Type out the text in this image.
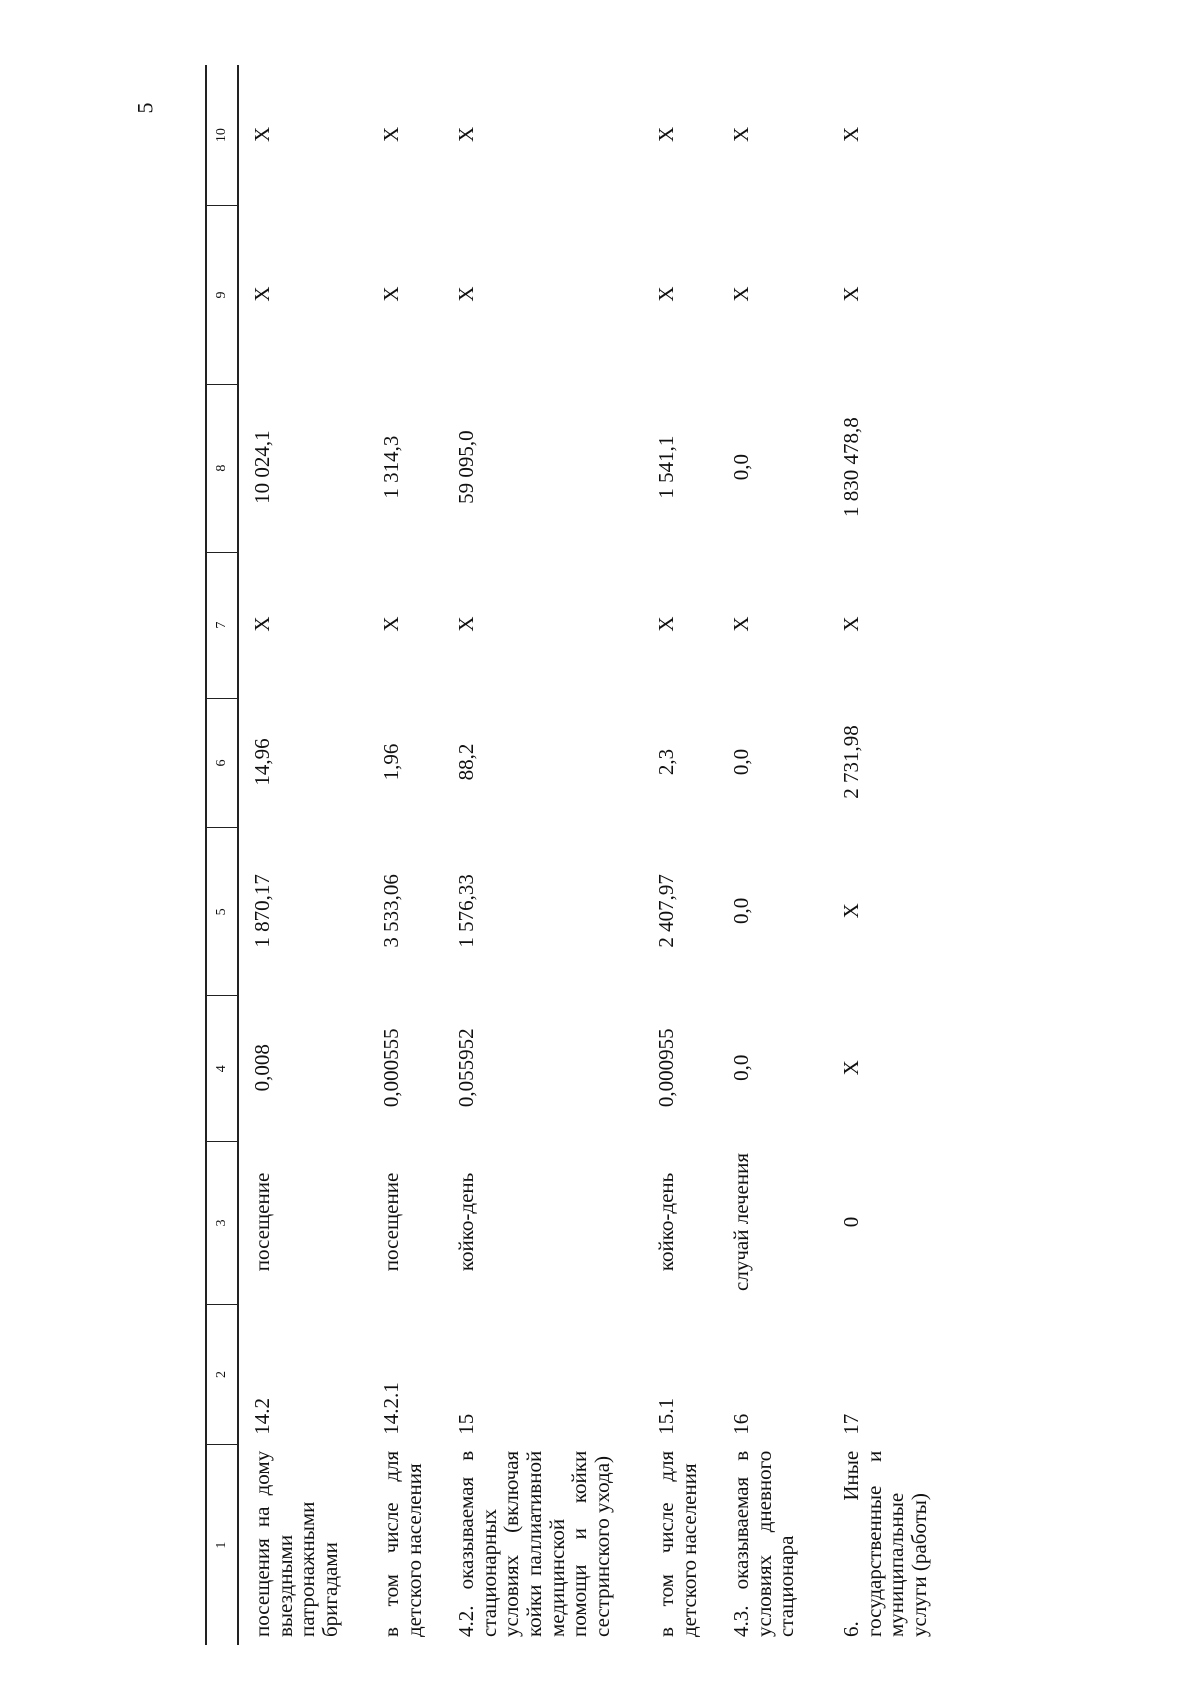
5
1	2	3	4	5	6	7	8	9	10
посещения на дому выездными патронажными бригадами	14.2	посещение	0,008	1 870,17	14,96	X	10 024,1	X	X
в том числе для детского населения	14.2.1	посещение	0,000555	3 533,06	1,96	X	1 314,3	X	X
4.2. оказываемая в стационарных условиях (включая койки паллиативной медицинской помощи и койки сестринского ухода)	15	койко-день	0,055952	1 576,33	88,2	X	59 095,0	X	X
в том числе для детского населения	15.1	койко-день	0,000955	2 407,97	2,3	X	1 541,1	X	X
4.3. оказываемая в условиях дневного стационара	16	случай лечения	0,0	0,0	0,0	X	0,0	X	X
6. Иные государственные и муниципальные услуги (работы)	17	0	X	X	2 731,98	X	1 830 478,8	X	X
